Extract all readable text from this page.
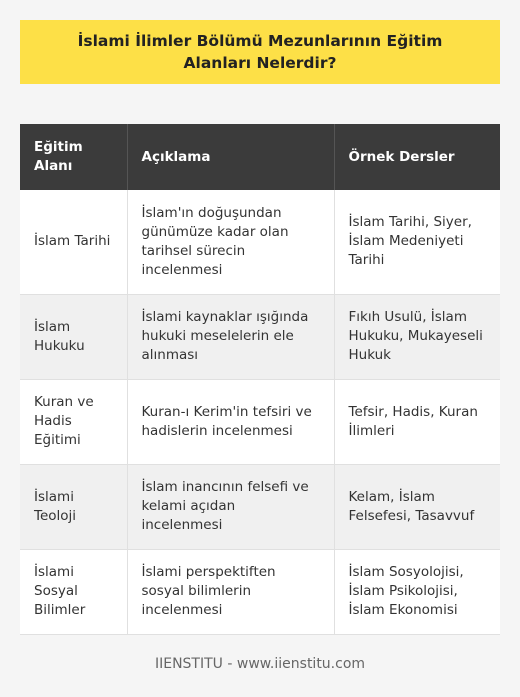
İslami İlimler Bölümü Mezunlarının Eğitim Alanları Nelerdir?
Eğitim Alanı	Açıklama	Örnek Dersler
İslam Tarihi	İslam'ın doğuşundan günümüze kadar olan tarihsel sürecin incelenmesi	İslam Tarihi, Siyer, İslam Medeniyeti Tarihi
İslam Hukuku	İslami kaynaklar ışığında hukuki meselelerin ele alınması	Fıkıh Usulü, İslam Hukuku, Mukayeseli Hukuk
Kuran ve Hadis Eğitimi	Kuran-ı Kerim'in tefsiri ve hadislerin incelenmesi	Tefsir, Hadis, Kuran İlimleri
İslami Teoloji	İslam inancının felsefi ve kelami açıdan incelenmesi	Kelam, İslam Felsefesi, Tasavvuf
İslami Sosyal Bilimler	İslami perspektiften sosyal bilimlerin incelenmesi	İslam Sosyolojisi, İslam Psikolojisi, İslam Ekonomisi
IIENSTITU - www.iienstitu.com
